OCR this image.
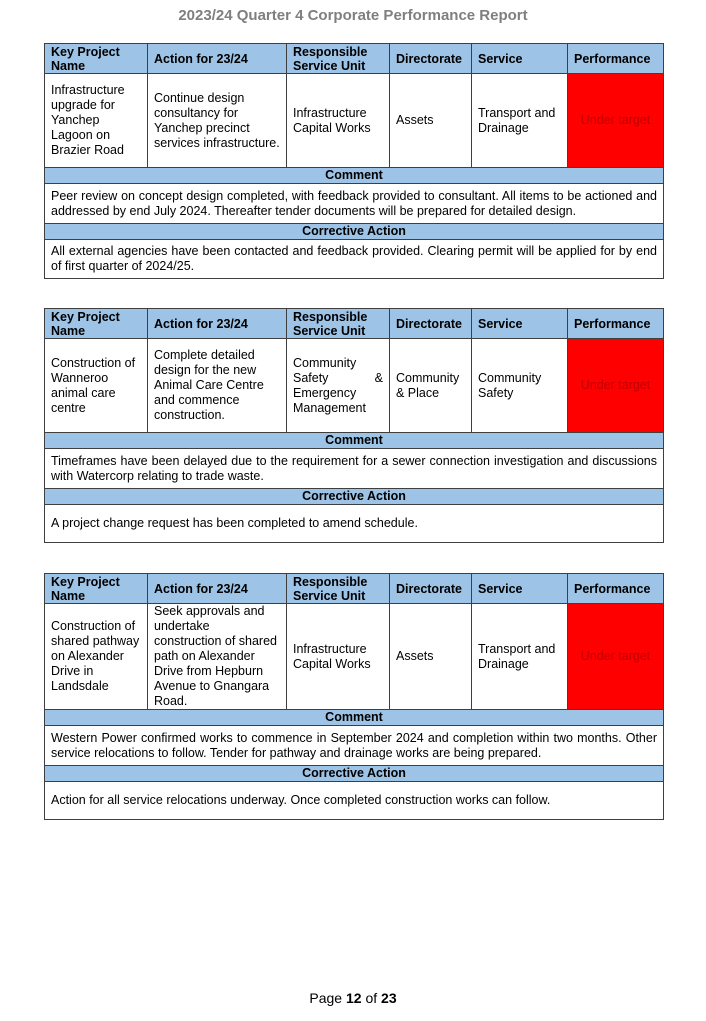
2023/24 Quarter 4 Corporate Performance Report
Key Project Name	Action for 23/24	Responsible Service Unit	Directorate	Service	Performance
Infrastructure upgrade for Yanchep Lagoon on Brazier Road	Continue design consultancy for Yanchep precinct services infrastructure.	Infrastructure Capital Works	Assets	Transport and Drainage	Under target
Comment					
Peer review on concept design completed, with feedback provided to consultant. All items to be actioned and addressed by end July 2024. Thereafter tender documents will be prepared for detailed design.					
Corrective Action					
All external agencies have been contacted and feedback provided. Clearing permit will be applied for by end of first quarter of 2024/25.					
Key Project Name	Action for 23/24	Responsible Service Unit	Directorate	Service	Performance
Construction of Wanneroo animal care centre	Complete detailed design for the new Animal Care Centre and commence construction.	Community Safety & Emergency Management	Community & Place	Community Safety	Under target
Comment					
Timeframes have been delayed due to the requirement for a sewer connection investigation and discussions with Watercorp relating to trade waste.					
Corrective Action					
A project change request has been completed to amend schedule.					
Key Project Name	Action for 23/24	Responsible Service Unit	Directorate	Service	Performance
Construction of shared pathway on Alexander Drive in Landsdale	Seek approvals and undertake construction of shared path on Alexander Drive from Hepburn Avenue to Gnangara Road.	Infrastructure Capital Works	Assets	Transport and Drainage	Under target
Comment					
Western Power confirmed works to commence in September 2024 and completion within two months. Other service relocations to follow. Tender for pathway and drainage works are being prepared.					
Corrective Action					
Action for all service relocations underway. Once completed construction works can follow.					
Page 12 of 23
